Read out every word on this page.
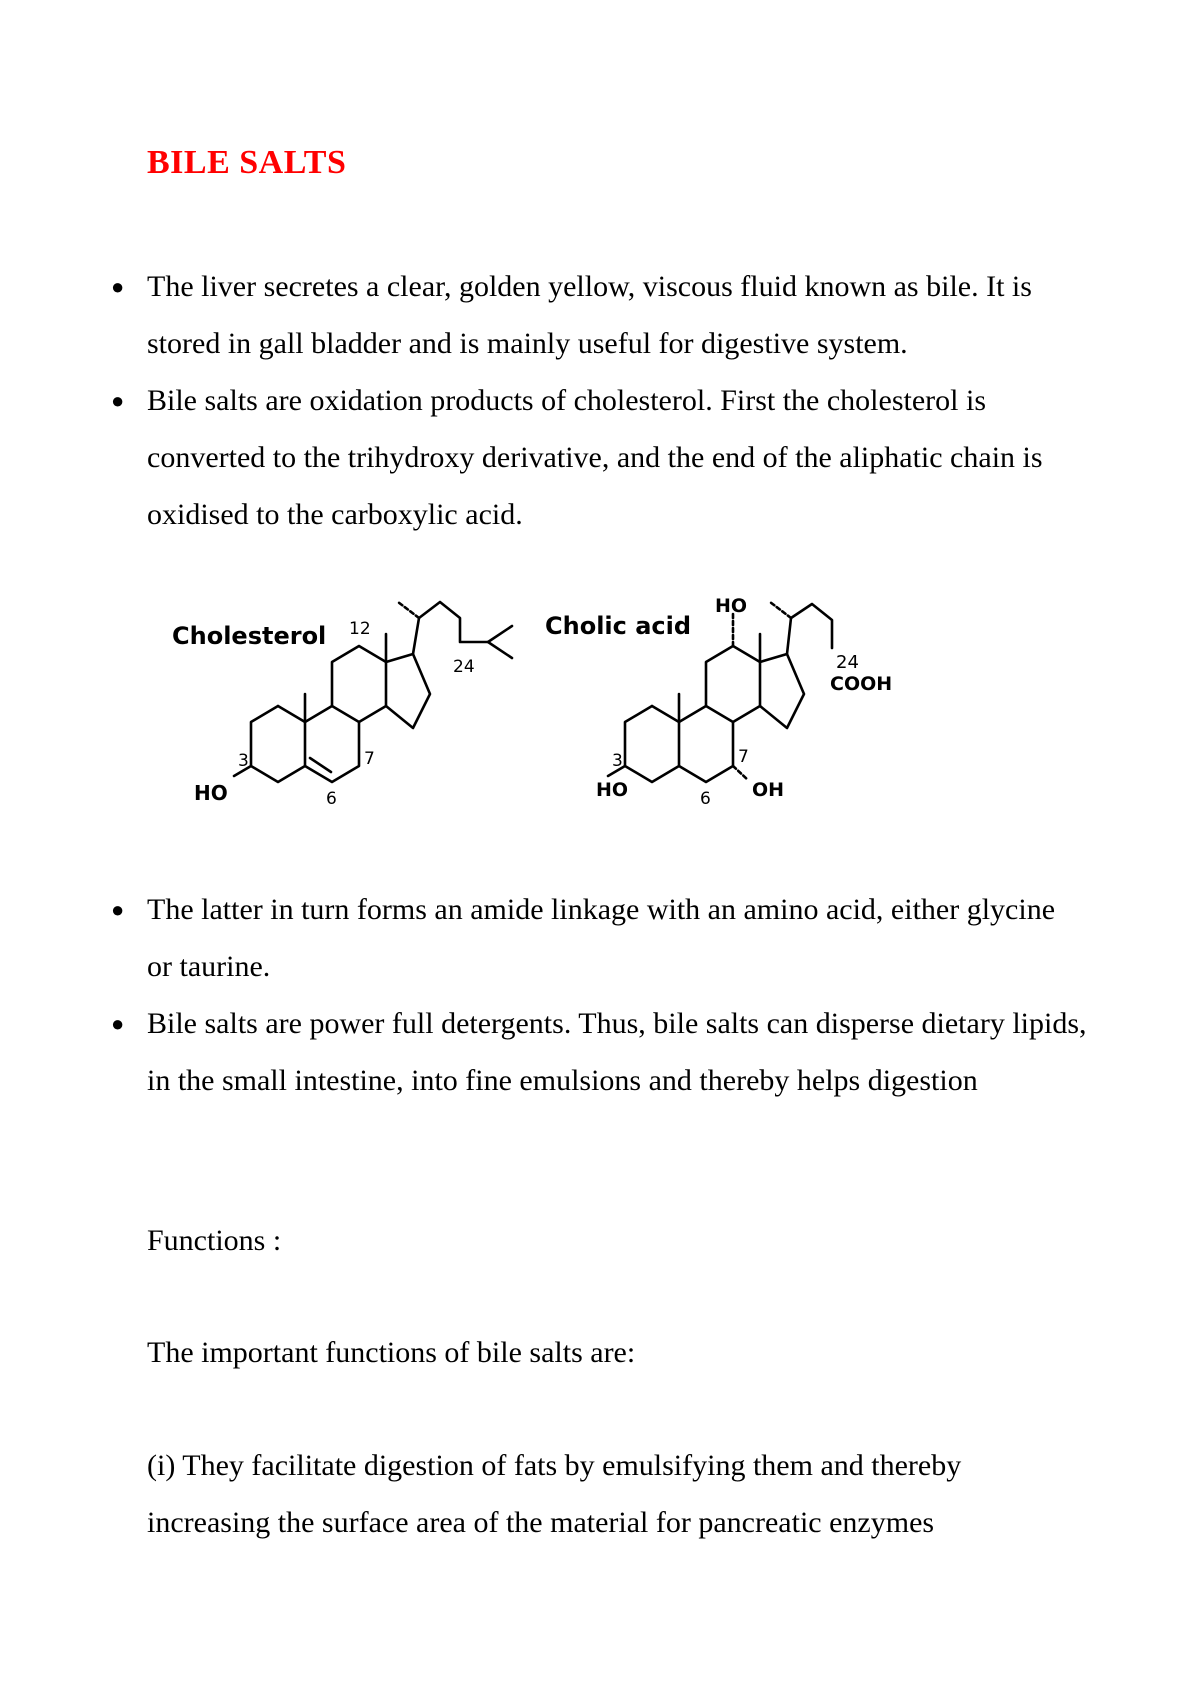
BILE SALTS
● The liver secretes a clear, golden yellow, viscous fluid known as bile. It is stored in gall bladder and is mainly useful for digestive system.
● Bile salts are oxidation products of cholesterol. First the cholesterol is converted to the trihydroxy derivative, and the end of the aliphatic chain is oxidised to the carboxylic acid.
Cholesterol 12
24
3	7
6
HO
Cholic acid
HO
24
COOH
3	7
6
HO	OH
● The latter in turn forms an amide linkage with an amino acid, either glycine or taurine.
● Bile salts are power full detergents. Thus, bile salts can disperse dietary lipids, in the small intestine, into fine emulsions and thereby helps digestion

Functions :

The important functions of bile salts are:

(i) They facilitate digestion of fats by emulsifying them and thereby increasing the surface area of the material for pancreatic enzymes
